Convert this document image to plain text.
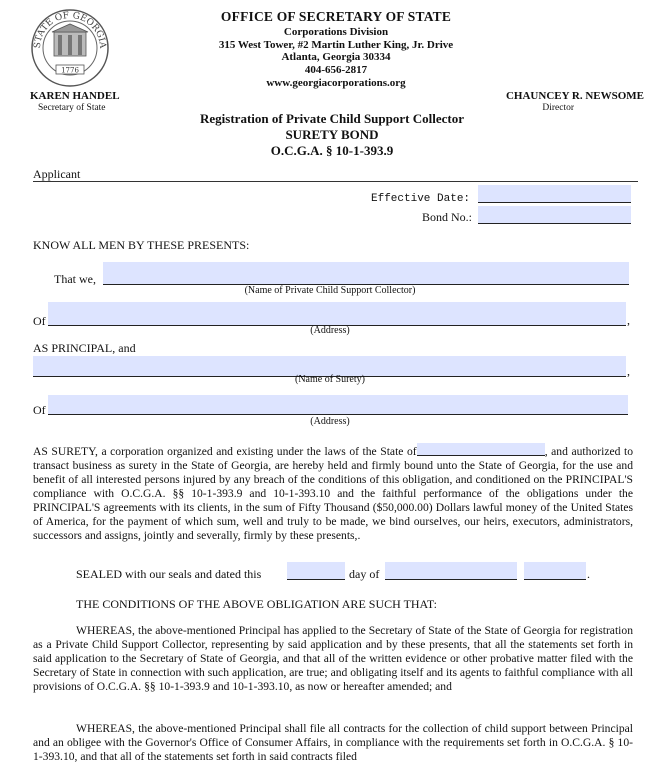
STATE OF GEORGIA
1776
OFFICE OF SECRETARY OF STATE
Corporations Division
315 West Tower, #2 Martin Luther King, Jr. Drive
Atlanta, Georgia 30334
404-656-2817
www.georgiacorporations.org
KAREN HANDEL
Secretary of State
CHAUNCEY R. NEWSOME
Director
Registration of Private Child Support Collector
SURETY BOND
O.C.G.A. § 10-1-393.9
Applicant
Effective Date:
Bond No.:
KNOW ALL MEN BY THESE PRESENTS:
That we,
(Name of Private Child Support Collector)
Of	,
(Address)
AS PRINCIPAL, and
,
(Name of Surety)
Of
(Address)
AS SURETY, a corporation organized and existing under the laws of the State of	, and authorized to transact business as surety in the State of Georgia, are hereby held and firmly bound unto the State of Georgia, for the use and benefit of all interested persons injured by any breach of the conditions of this obligation, and conditioned on the PRINCIPAL'S compliance with O.C.G.A. §§ 10-1-393.9 and 10-1-393.10 and the faithful performance of the obligations under the PRINCIPAL'S agreements with its clients, in the sum of Fifty Thousand ($50,000.00) Dollars lawful money of the United States of America, for the payment of which sum, well and truly to be made, we bind ourselves, our heirs, executors, administrators, successors and assigns, jointly and severally, firmly by these presents,.
SEALED with our seals and dated this	day of	.
THE CONDITIONS OF THE ABOVE OBLIGATION ARE SUCH THAT:
WHEREAS, the above-mentioned Principal has applied to the Secretary of State of the State of Georgia for registration as a Private Child Support Collector, representing by said application and by these presents, that all the statements set forth in said application to the Secretary of State of Georgia, and that all of the written evidence or other probative matter filed with the Secretary of State in connection with such application, are true; and obligating itself and its agents to faithful compliance with all provisions of O.C.G.A. §§ 10-1-393.9 and 10-1-393.10, as now or hereafter amended; and
WHEREAS, the above-mentioned Principal shall file all contracts for the collection of child support between Principal and an obligee with the Governor's Office of Consumer Affairs, in compliance with the requirements set forth in O.C.G.A. § 10-1-393.10, and that all of the statements set forth in said contracts filed
